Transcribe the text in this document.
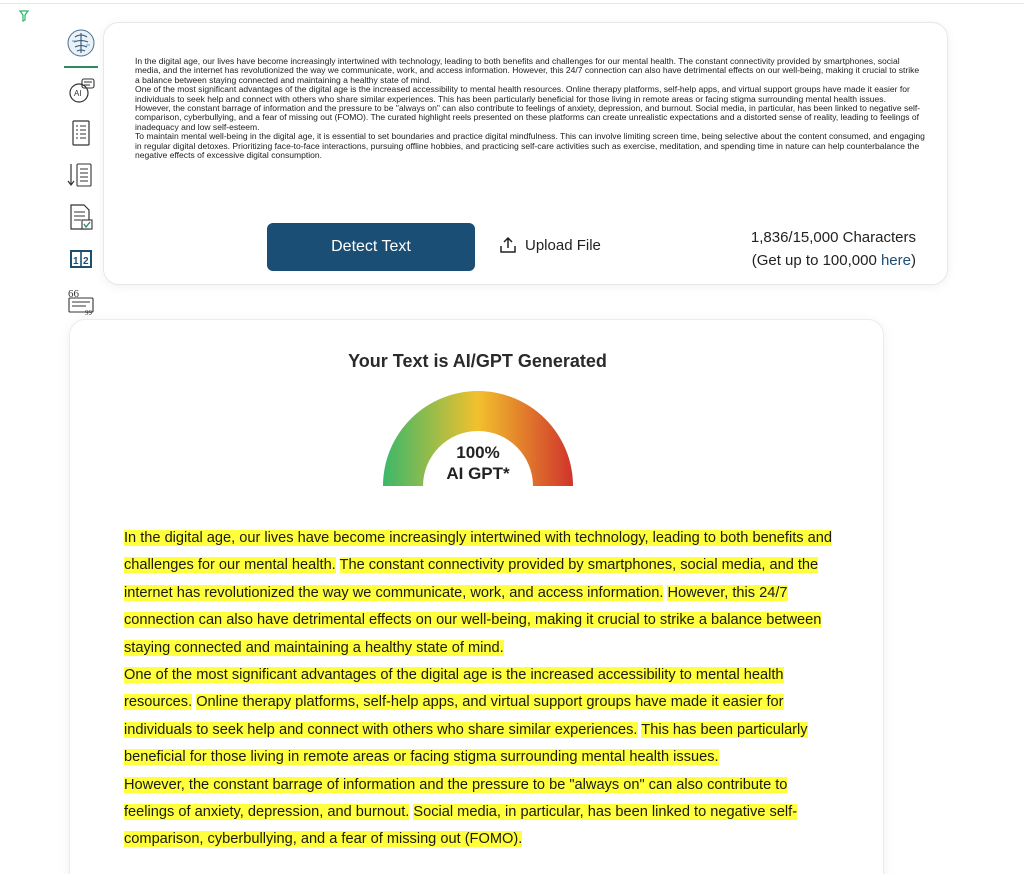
AI
1 2
66
99

In the digital age, our lives have become increasingly intertwined with technology, leading to both benefits and challenges for our mental health. The constant connectivity provided by smartphones, social media, and the internet has revolutionized the way we communicate, work, and access information. However, this 24/7 connection can also have detrimental effects on our well-being, making it crucial to strike a balance between staying connected and maintaining a healthy state of mind.

One of the most significant advantages of the digital age is the increased accessibility to mental health resources. Online therapy platforms, self-help apps, and virtual support groups have made it easier for individuals to seek help and connect with others who share similar experiences. This has been particularly beneficial for those living in remote areas or facing stigma surrounding mental health issues.

However, the constant barrage of information and the pressure to be "always on" can also contribute to feelings of anxiety, depression, and burnout. Social media, in particular, has been linked to negative self-comparison, cyberbullying, and a fear of missing out (FOMO). The curated highlight reels presented on these platforms can create unrealistic expectations and a distorted sense of reality, leading to feelings of inadequacy and low self-esteem.

To maintain mental well-being in the digital age, it is essential to set boundaries and practice digital mindfulness. This can involve limiting screen time, being selective about the content consumed, and engaging in regular digital detoxes. Prioritizing face-to-face interactions, pursuing offline hobbies, and practicing self-care activities such as exercise, meditation, and spending time in nature can help counterbalance the negative effects of excessive digital consumption.

Detect Text	Upload File	1,836/15,000 Characters
(Get up to 100,000 here)
Your Text is AI/GPT Generated
100%
AI GPT*

In the digital age, our lives have become increasingly intertwined with technology, leading to both benefits and challenges for our mental health. The constant connectivity provided by smartphones, social media, and the internet has revolutionized the way we communicate, work, and access information. However, this 24/7 connection can also have detrimental effects on our well-being, making it crucial to strike a balance between staying connected and maintaining a healthy state of mind.

One of the most significant advantages of the digital age is the increased accessibility to mental health resources. Online therapy platforms, self-help apps, and virtual support groups have made it easier for individuals to seek help and connect with others who share similar experiences. This has been particularly beneficial for those living in remote areas or facing stigma surrounding mental health issues.

However, the constant barrage of information and the pressure to be "always on" can also contribute to feelings of anxiety, depression, and burnout. Social media, in particular, has been linked to negative self-comparison, cyberbullying, and a fear of missing out (FOMO).
